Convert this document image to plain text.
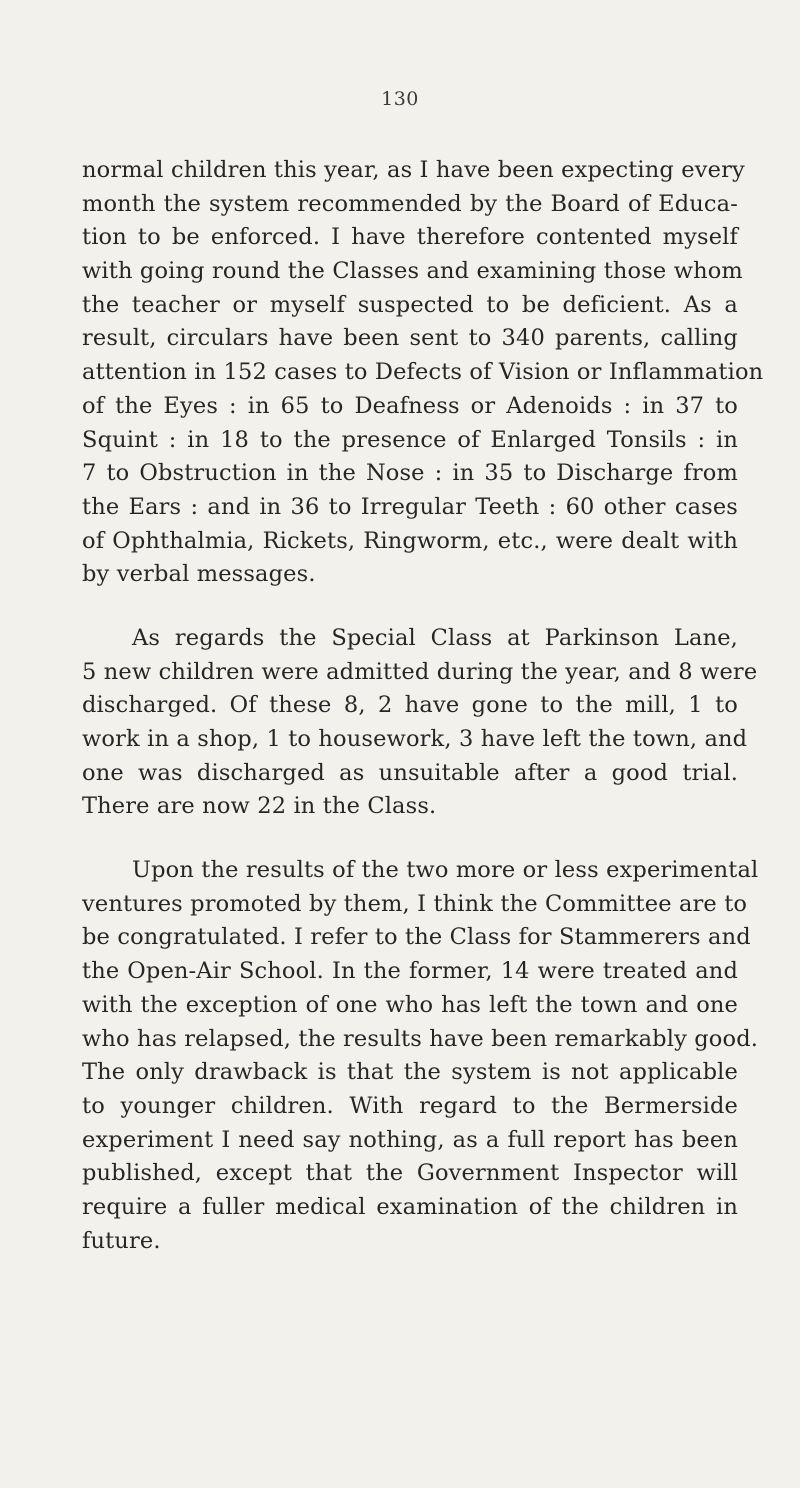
130

normal children this year, as I have been expecting every
month the system recommended by the Board of Educa-
tion to be enforced. I have therefore contented myself
with going round the Classes and examining those whom
the teacher or myself suspected to be deficient. As a
result, circulars have been sent to 340 parents, calling
attention in 152 cases to Defects of Vision or Inflammation
of the Eyes : in 65 to Deafness or Adenoids : in 37 to
Squint : in 18 to the presence of Enlarged Tonsils : in
7 to Obstruction in the Nose : in 35 to Discharge from
the Ears : and in 36 to Irregular Teeth : 60 other cases
of Ophthalmia, Rickets, Ringworm, etc., were dealt with
by verbal messages.

As regards the Special Class at Parkinson Lane,
5 new children were admitted during the year, and 8 were
discharged. Of these 8, 2 have gone to the mill, 1 to
work in a shop, 1 to housework, 3 have left the town, and
one was discharged as unsuitable after a good trial.
There are now 22 in the Class.

Upon the results of the two more or less experimental
ventures promoted by them, I think the Committee are to
be congratulated. I refer to the Class for Stammerers and
the Open-Air School. In the former, 14 were treated and
with the exception of one who has left the town and one
who has relapsed, the results have been remarkably good.
The only drawback is that the system is not applicable
to younger children. With regard to the Bermerside
experiment I need say nothing, as a full report has been
published, except that the Government Inspector will
require a fuller medical examination of the children in
future.
